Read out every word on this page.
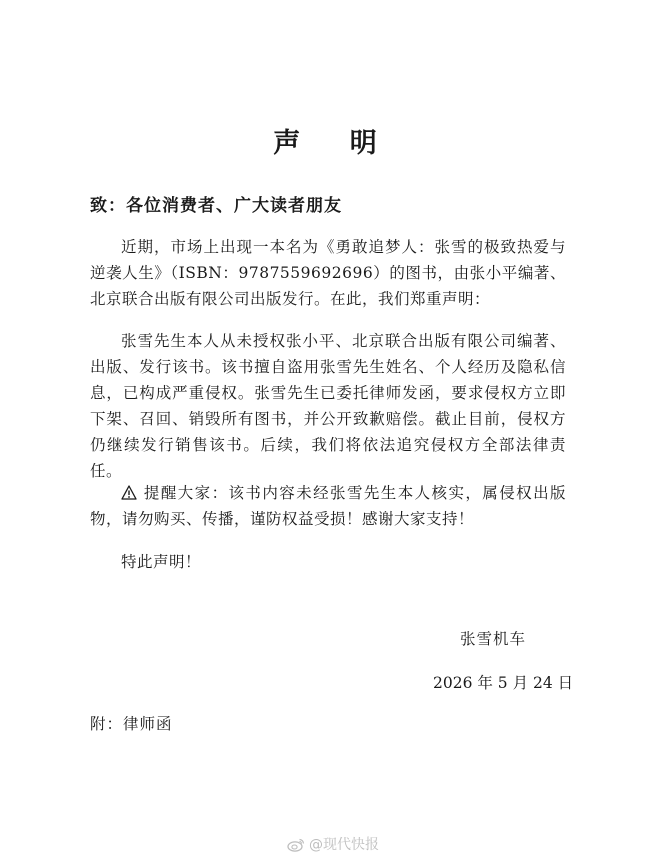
声 明
致：各位消费者、广大读者朋友
近期，市场上出现一本名为《勇敢追梦人：张雪的极致热爱与逆袭人生》（ISBN：9787559692696）的图书，由张小平编著、北京联合出版有限公司出版发行。在此，我们郑重声明：
张雪先生本人从未授权张小平、北京联合出版有限公司编著、出版、发行该书。该书擅自盗用张雪先生姓名、个人经历及隐私信息，已构成严重侵权。张雪先生已委托律师发函，要求侵权方立即下架、召回、销毁所有图书，并公开致歉赔偿。截止目前，侵权方仍继续发行销售该书。后续，我们将依法追究侵权方全部法律责任。
提醒大家：该书内容未经张雪先生本人核实，属侵权出版物，请勿购买、传播，谨防权益受损！感谢大家支持！
特此声明！
张雪机车
2026 年 5 月 24 日
附：律师函
@现代快报
